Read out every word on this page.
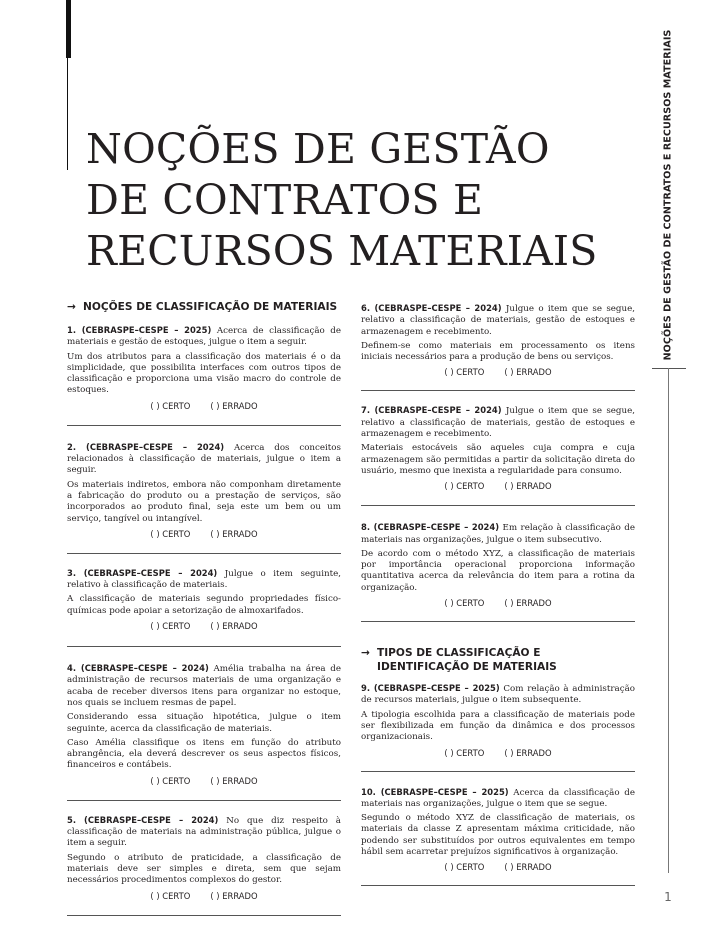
NOÇÕES DE GESTÃO DE CONTRATOS E RECURSOS MATERIAIS	NOÇÕES DE GESTÃO DE CONTRATOS E RECURSOS MATERIAIS
1
→ NOÇÕES DE CLASSIFICAÇÃO DE MATERIAIS

1. (CEBRASPE–CESPE – 2025) Acerca de classificação de materiais e gestão de estoques, julgue o item a seguir.

Um dos atributos para a classificação dos materiais é o da simplicidade, que possibilita interfaces com outros tipos de classificação e proporciona uma visão macro do controle de estoques.

( ) CERTO ( ) ERRADO

2. (CEBRASPE–CESPE – 2024) Acerca dos conceitos relacionados à classificação de materiais, julgue o item a seguir.

Os materiais indiretos, embora não componham diretamente a fabricação do produto ou a prestação de serviços, são incorporados ao produto final, seja este um bem ou um serviço, tangível ou intangível.

( ) CERTO ( ) ERRADO

3. (CEBRASPE–CESPE – 2024) Julgue o item seguinte, relativo à classificação de materiais.

A classificação de materiais segundo propriedades físico-químicas pode apoiar a setorização de almoxarifados.

( ) CERTO ( ) ERRADO

4. (CEBRASPE–CESPE – 2024) Amélia trabalha na área de administração de recursos materiais de uma organização e acaba de receber diversos itens para organizar no estoque, nos quais se incluem resmas de papel.

Considerando essa situação hipotética, julgue o item seguinte, acerca da classificação de materiais.

Caso Amélia classifique os itens em função do atributo abrangência, ela deverá descrever os seus aspectos físicos, financeiros e contábeis.

( ) CERTO ( ) ERRADO

5. (CEBRASPE–CESPE – 2024) No que diz respeito à classificação de materiais na administração pública, julgue o item a seguir.

Segundo o atributo de praticidade, a classificação de materiais deve ser simples e direta, sem que sejam necessários procedimentos complexos do gestor.

( ) CERTO ( ) ERRADO

6. (CEBRASPE–CESPE – 2024) Julgue o item que se segue, relativo a classificação de materiais, gestão de estoques e armazenagem e recebimento.

Definem-se como materiais em processamento os itens iniciais necessários para a produção de bens ou serviços.

( ) CERTO ( ) ERRADO

7. (CEBRASPE–CESPE – 2024) Julgue o item que se segue, relativo a classificação de materiais, gestão de estoques e armazenagem e recebimento.

Materiais estocáveis são aqueles cuja compra e cuja armazenagem são permitidas a partir da solicitação direta do usuário, mesmo que inexista a regularidade para consumo.

( ) CERTO ( ) ERRADO

8. (CEBRASPE–CESPE – 2024) Em relação à classificação de materiais nas organizações, julgue o item subsecutivo.

De acordo com o método XYZ, a classificação de materiais por importância operacional proporciona informação quantitativa acerca da relevância do item para a rotina da organização.

( ) CERTO ( ) ERRADO
→ TIPOS DE CLASSIFICAÇÃO E IDENTIFICAÇÃO DE MATERIAIS

9. (CEBRASPE–CESPE – 2025) Com relação à administração de recursos materiais, julgue o item subsequente.

A tipologia escolhida para a classificação de materiais pode ser flexibilizada em função da dinâmica e dos processos organizacionais.

( ) CERTO ( ) ERRADO

10. (CEBRASPE–CESPE – 2025) Acerca da classificação de materiais nas organizações, julgue o item que se segue.

Segundo o método XYZ de classificação de materiais, os materiais da classe Z apresentam máxima criticidade, não podendo ser substituídos por outros equivalentes em tempo hábil sem acarretar prejuízos significativos à organização.

( ) CERTO ( ) ERRADO
